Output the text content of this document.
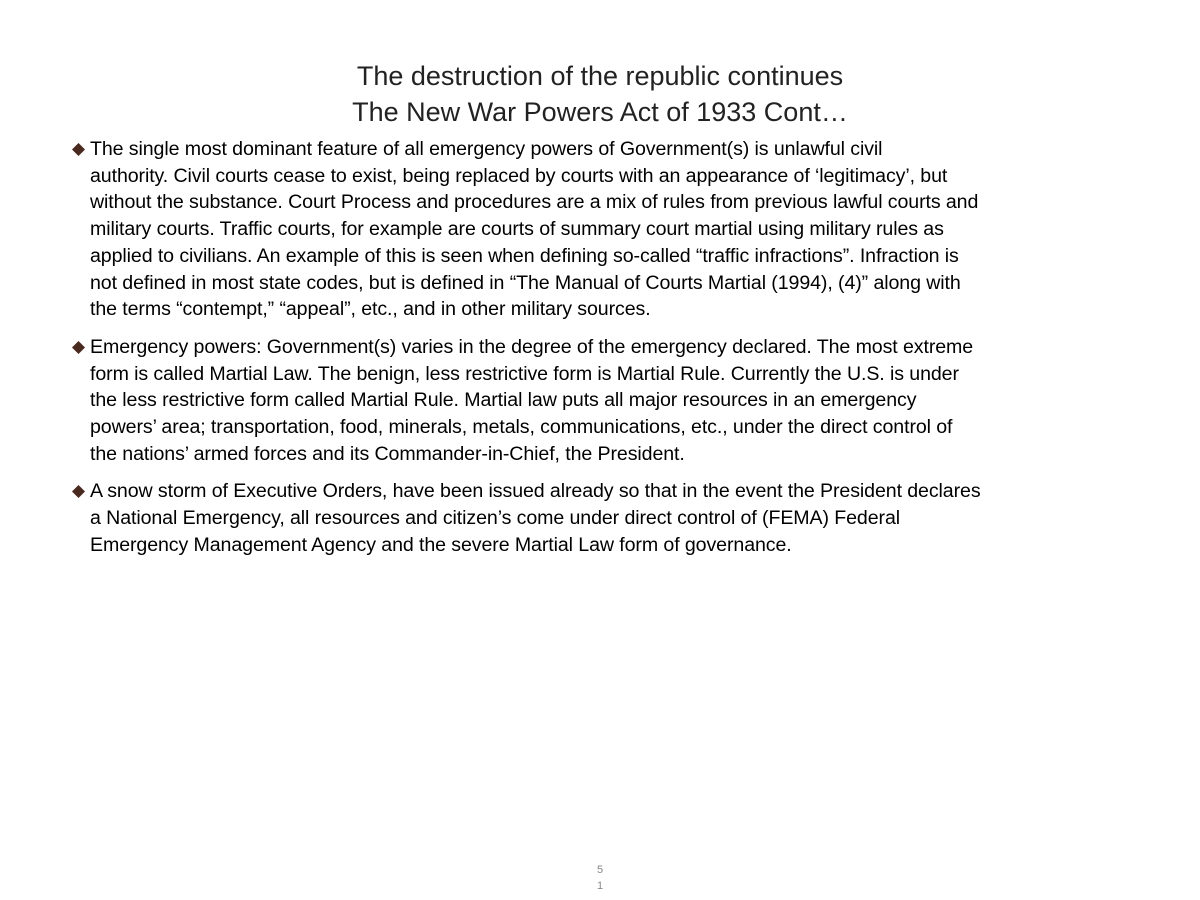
The destruction of the republic continues
The New War Powers Act of 1933 Cont…
The single most dominant feature of all emergency powers of Government(s) is unlawful civil
authority. Civil courts cease to exist, being replaced by courts with an appearance of ‘legitimacy’, but
without the substance. Court Process and procedures are a mix of rules from previous lawful courts and
military courts. Traffic courts, for example are courts of summary court martial using military rules as
applied to civilians. An example of this is seen when defining so-called “traffic infractions”. Infraction is
not defined in most state codes, but is defined in “The Manual of Courts Martial (1994), (4)” along with
the terms “contempt,” “appeal”, etc., and in other military sources.
Emergency powers: Government(s) varies in the degree of the emergency declared. The most extreme
form is called Martial Law. The benign, less restrictive form is Martial Rule. Currently the U.S. is under
the less restrictive form called Martial Rule. Martial law puts all major resources in an emergency
powers’ area; transportation, food, minerals, metals, communications, etc., under the direct control of
the nations’ armed forces and its Commander-in-Chief, the President.
A snow storm of Executive Orders, have been issued already so that in the event the President declares
a National Emergency, all resources and citizen’s come under direct control of (FEMA) Federal
Emergency Management Agency and the severe Martial Law form of governance.
5
1
